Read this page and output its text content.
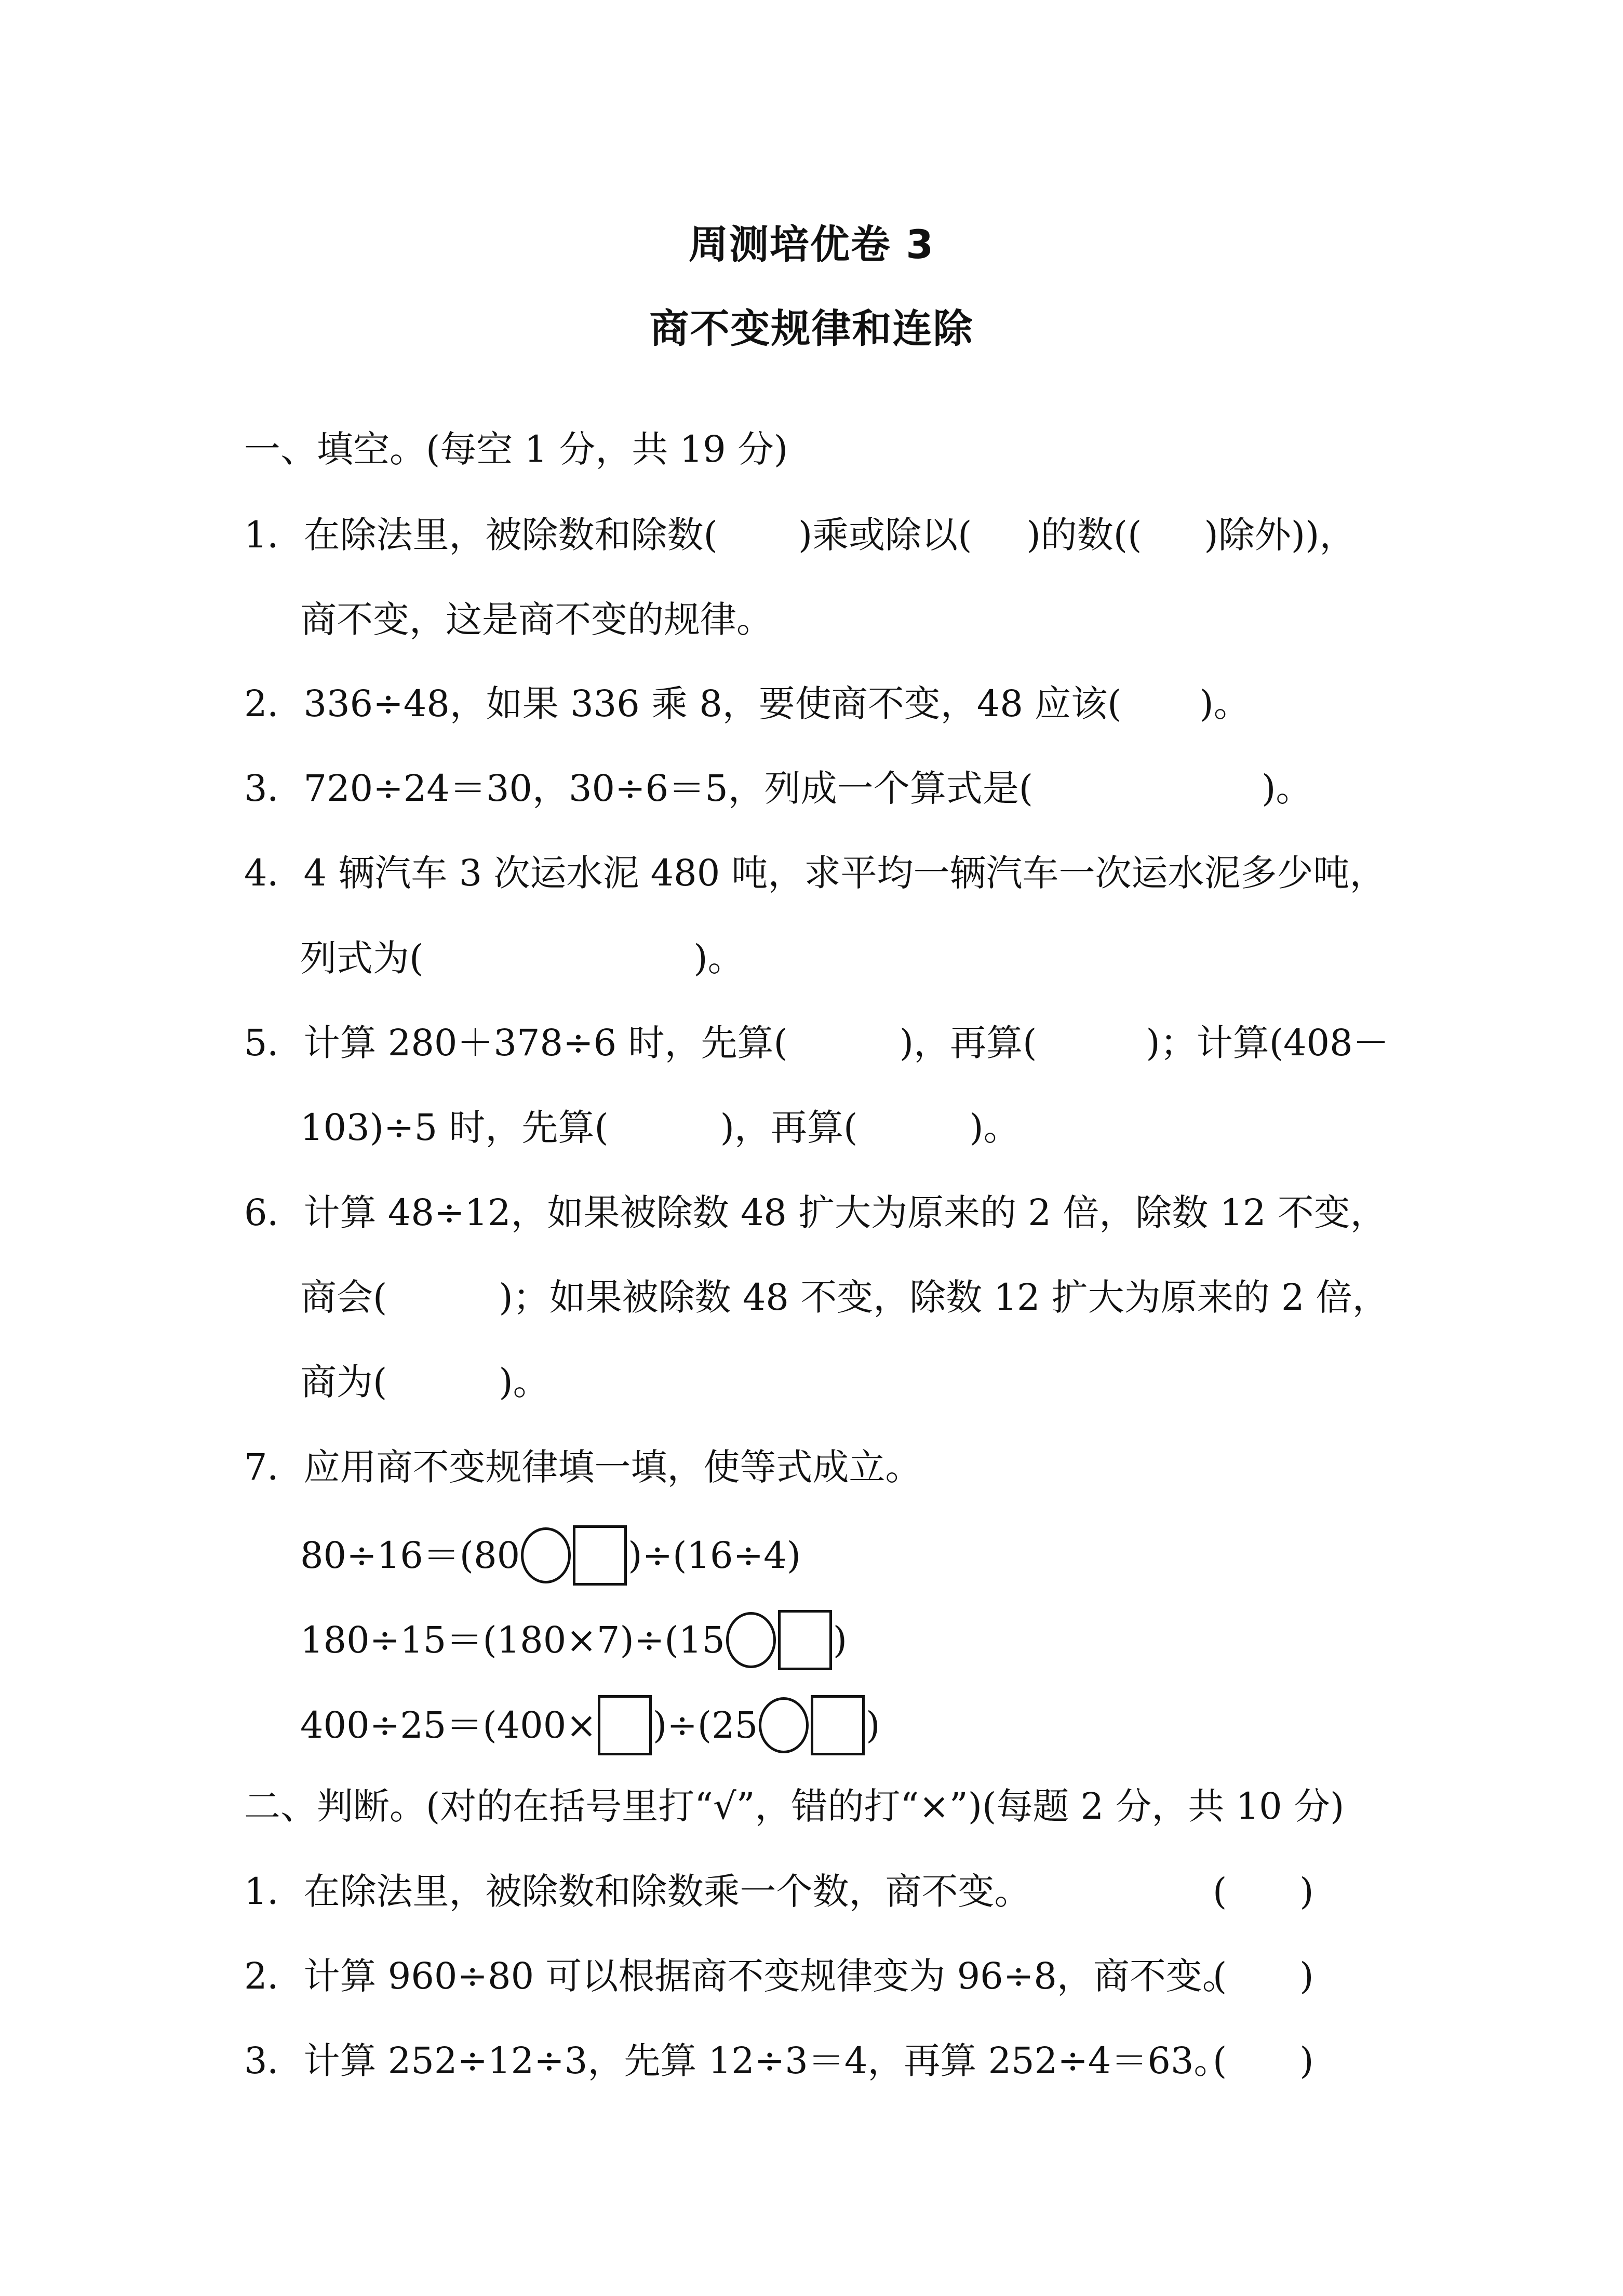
周测培优卷 3
商不变规律和连除
一、填空。(每空 1 分，共 19 分)
1．在除法里，被除数和除数( )乘或除以( )的数(( )除外))，
商不变，这是商不变的规律。
2．336÷48，如果 336 乘 8，要使商不变，48 应该( )。
3．720÷24＝30，30÷6＝5，列成一个算式是(	)。
4．4 辆汽车 3 次运水泥 480 吨，求平均一辆汽车一次运水泥多少吨，
列式为(	)。
5．计算 280＋378÷6 时，先算(	)，再算(	)；计算(408－
103)÷5 时，先算(	)，再算(	)。
6．计算 48÷12，如果被除数 48 扩大为原来的 2 倍，除数 12 不变，
商会(	)；如果被除数 48 不变，除数 12 扩大为原来的 2 倍，
商为(	)。
7．应用商不变规律填一填，使等式成立。
80÷16＝(80	)÷(16÷4)
180÷15＝(180×7)÷(15	)
400÷25＝(400× )÷(25	)
二、判断。(对的在括号里打“√”，错的打“×”)(每题 2 分，共 10 分)
1．在除法里，被除数和除数乘一个数，商不变。	(　　)
2．计算 960÷80 可以根据商不变规律变为 96÷8，商不变。
(　　)
3．计算 252÷12÷3，先算 12÷3＝4，再算 252÷4＝63。
(　　)
